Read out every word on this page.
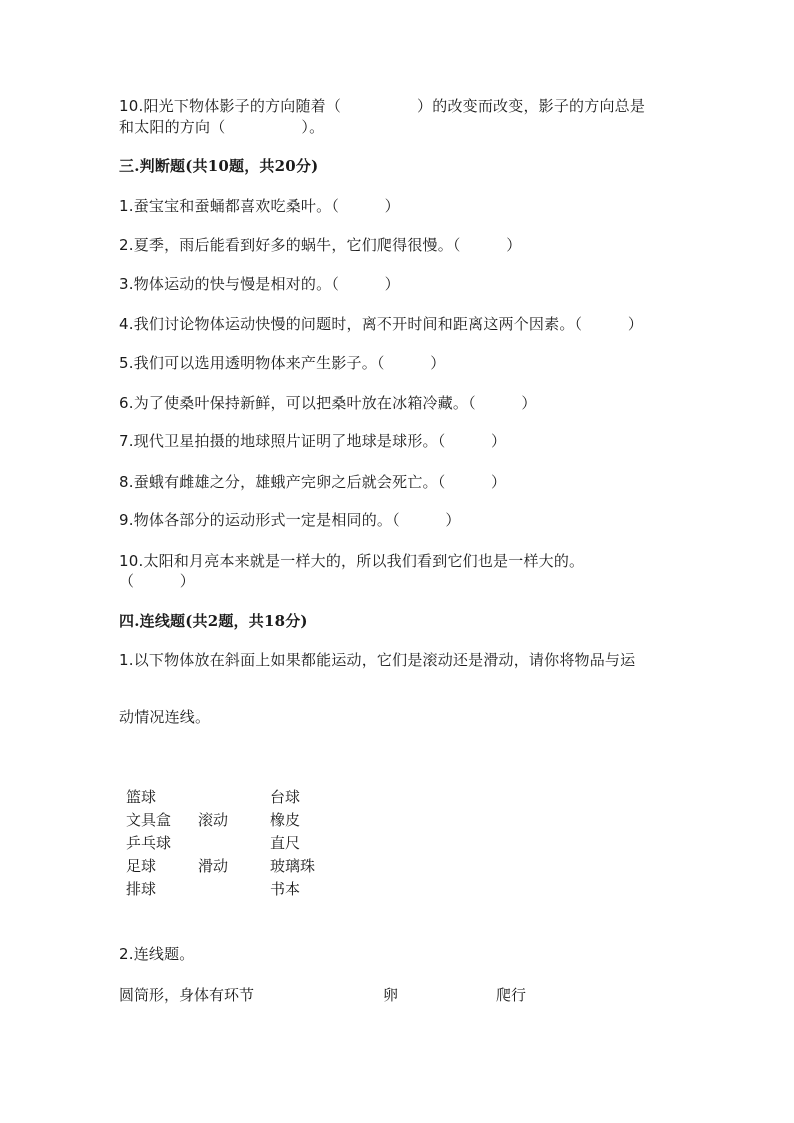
10.阳光下物体影子的方向随着（　　　　　）的改变而改变，影子的方向总是
和太阳的方向（　　　　　）。
三.判断题(共10题，共20分)
1.蚕宝宝和蚕蛹都喜欢吃桑叶。（　　　）
2.夏季，雨后能看到好多的蜗牛，它们爬得很慢。（　　　）
3.物体运动的快与慢是相对的。（　　　）
4.我们讨论物体运动快慢的问题时，离不开时间和距离这两个因素。（　　　）
5.我们可以选用透明物体来产生影子。（　　　）
6.为了使桑叶保持新鲜，可以把桑叶放在冰箱冷藏。（　　　）
7.现代卫星拍摄的地球照片证明了地球是球形。（　　　）
8.蚕蛾有雌雄之分，雄蛾产完卵之后就会死亡。（　　　）
9.物体各部分的运动形式一定是相同的。（　　　）
10.太阳和月亮本来就是一样大的，所以我们看到它们也是一样大的。
（　　　）
四.连线题(共2题，共18分)
1.以下物体放在斜面上如果都能运动，它们是滚动还是滑动，请你将物品与运
动情况连线。
篮球
文具盒
乒乓球
足球
排球
滚动
滑动
台球
橡皮
直尺
玻璃珠
书本
2.连线题。
圆筒形，身体有环节	卵	爬行
